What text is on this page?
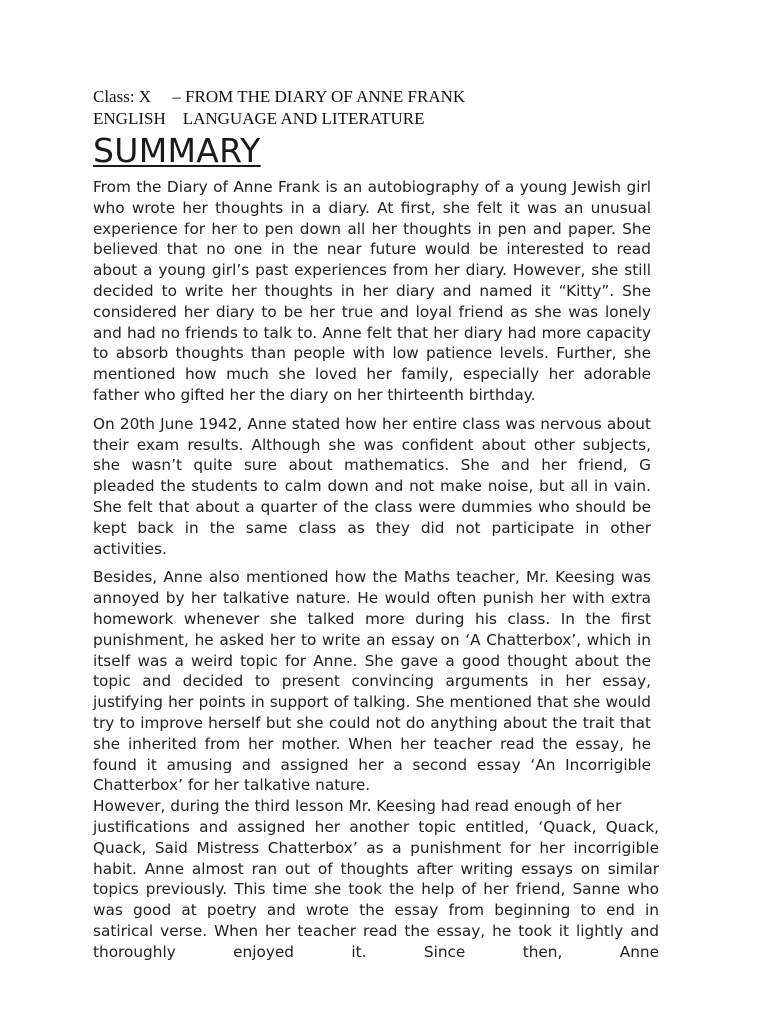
Class: X     – FROM THE DIARY OF ANNE FRANK
ENGLISH    LANGUAGE AND LITERATURE
SUMMARY

From the Diary of Anne Frank is an autobiography of a young Jewish girl who wrote her thoughts in a diary. At first, she felt it was an unusual experience for her to pen down all her thoughts in pen and paper. She believed that no one in the near future would be interested to read about a young girl’s past experiences from her diary. However, she still decided to write her thoughts in her diary and named it “Kitty”. She considered her diary to be her true and loyal friend as she was lonely and had no friends to talk to. Anne felt that her diary had more capacity to absorb thoughts than people with low patience levels. Further, she mentioned how much she loved her family, especially her adorable father who gifted her the diary on her thirteenth birthday.

On 20th June 1942, Anne stated how her entire class was nervous about their exam results. Although she was confident about other subjects, she wasn’t quite sure about mathematics. She and her friend, G pleaded the students to calm down and not make noise, but all in vain. She felt that about a quarter of the class were dummies who should be kept back in the same class as they did not participate in other activities.

Besides, Anne also mentioned how the Maths teacher, Mr. Keesing was annoyed by her talkative nature. He would often punish her with extra homework whenever she talked more during his class. In the first punishment, he asked her to write an essay on ‘A Chatterbox’, which in itself was a weird topic for Anne. She gave a good thought about the topic and decided to present convincing arguments in her essay, justifying her points in support of talking. She mentioned that she would try to improve herself but she could not do anything about the trait that she inherited from her mother. When her teacher read the essay, he found it amusing and assigned her a second essay ‘An Incorrigible Chatterbox’ for her talkative nature.

However, during the third lesson Mr. Keesing had read enough of her

justifications and assigned her another topic entitled, ‘Quack, Quack, Quack, Said Mistress Chatterbox’ as a punishment for her incorrigible habit. Anne almost ran out of thoughts after writing essays on similar topics previously. This time she took the help of her friend, Sanne who was good at poetry and wrote the essay from beginning to end in satirical verse. When her teacher read the essay, he took it lightly and thoroughly enjoyed it. Since then, Anne
